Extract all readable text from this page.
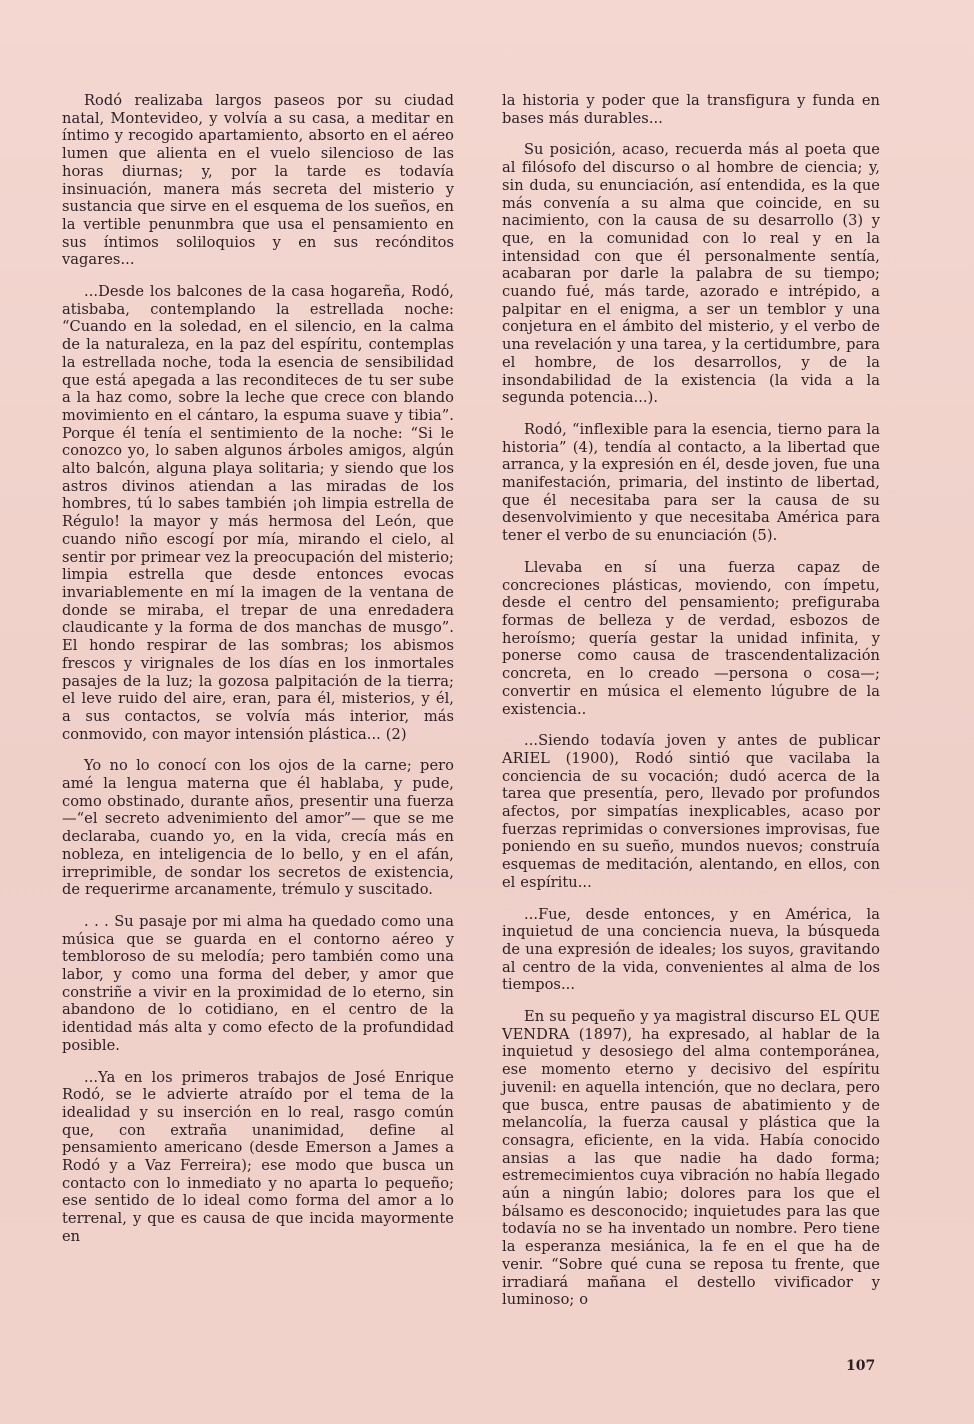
Rodó realizaba largos paseos por su ciudad natal, Montevideo, y volvía a su casa, a meditar en íntimo y recogido apartamiento, absorto en el aéreo lumen que alienta en el vuelo silencioso de las horas diurnas; y, por la tarde es todavía insinuación, manera más secreta del misterio y sustancia que sirve en el esquema de los sueños, en la vertible penunmbra que usa el pensamiento en sus íntimos soliloquios y en sus recónditos vagares...

...Desde los balcones de la casa hogareña, Rodó, atisbaba, contemplando la estrellada noche: “Cuando en la soledad, en el silencio, en la calma de la naturaleza, en la paz del espíritu, contemplas la estrellada noche, toda la esencia de sensibilidad que está apegada a las reconditeces de tu ser sube a la haz como, sobre la leche que crece con blando movimiento en el cántaro, la espuma suave y tibia”. Porque él tenía el sentimiento de la noche: “Si le conozco yo, lo saben algunos árboles amigos, algún alto balcón, alguna playa solitaria; y siendo que los astros divinos atiendan a las miradas de los hombres, tú lo sabes también ¡oh limpia estrella de Régulo! la mayor y más hermosa del León, que cuando niño escogí por mía, mirando el cielo, al sentir por primear vez la preocupación del misterio; limpia estrella que desde entonces evocas invariablemente en mí la imagen de la ventana de donde se miraba, el trepar de una enredadera claudicante y la forma de dos manchas de musgo”. El hondo respirar de las sombras; los abismos frescos y virignales de los días en los inmortales pasajes de la luz; la gozosa palpitación de la tierra; el leve ruido del aire, eran, para él, misterios, y él, a sus contactos, se volvía más interior, más conmovido, con mayor intensión plástica... (2)

Yo no lo conocí con los ojos de la carne; pero amé la lengua materna que él hablaba, y pude, como obstinado, durante años, presentir una fuerza —“el secreto advenimiento del amor”— que se me declaraba, cuando yo, en la vida, crecía más en nobleza, en inteligencia de lo bello, y en el afán, irreprimible, de sondar los secretos de existencia, de requerirme arcanamente, trémulo y suscitado.

. . . Su pasaje por mi alma ha quedado como una música que se guarda en el contorno aéreo y tembloroso de su melodía; pero también como una labor, y como una forma del deber, y amor que constriñe a vivir en la proximidad de lo eterno, sin abandono de lo cotidiano, en el centro de la identidad más alta y como efecto de la profundidad posible.

...Ya en los primeros trabajos de José Enrique Rodó, se le advierte atraído por el tema de la idealidad y su inserción en lo real, rasgo común que, con extraña unanimidad, define al pensamiento americano (desde Emerson a James a Rodó y a Vaz Ferreira); ese modo que busca un contacto con lo inmediato y no aparta lo pequeño; ese sentido de lo ideal como forma del amor a lo terrenal, y que es causa de que incida mayormente en

la historia y poder que la transfigura y funda en bases más durables...

Su posición, acaso, recuerda más al poeta que al filósofo del discurso o al hombre de ciencia; y, sin duda, su enunciación, así entendida, es la que más convenía a su alma que coincide, en su nacimiento, con la causa de su desarrollo (3) y que, en la comunidad con lo real y en la intensidad con que él personalmente sentía, acabaran por darle la palabra de su tiempo; cuando fué, más tarde, azorado e intrépido, a palpitar en el enigma, a ser un temblor y una conjetura en el ámbito del misterio, y el verbo de una revelación y una tarea, y la certidumbre, para el hombre, de los desarrollos, y de la insondabilidad de la existencia (la vida a la segunda potencia...).

Rodó, “inflexible para la esencia, tierno para la historia” (4), tendía al contacto, a la libertad que arranca, y la expresión en él, desde joven, fue una manifestación, primaria, del instinto de libertad, que él necesitaba para ser la causa de su desenvolvimiento y que necesitaba América para tener el verbo de su enunciación (5).

Llevaba en sí una fuerza capaz de concreciones plásticas, moviendo, con ímpetu, desde el centro del pensamiento; prefiguraba formas de belleza y de verdad, esbozos de heroísmo; quería gestar la unidad infinita, y ponerse como causa de trascendentalización concreta, en lo creado —persona o cosa—; convertir en música el elemento lúgubre de la existencia..

...Siendo todavía joven y antes de publicar ARIEL (1900), Rodó sintió que vacilaba la conciencia de su vocación; dudó acerca de la tarea que presentía, pero, llevado por profundos afectos, por simpatías inexplicables, acaso por fuerzas reprimidas o conversiones improvisas, fue poniendo en su sueño, mundos nuevos; construía esquemas de meditación, alentando, en ellos, con el espíritu...

...Fue, desde entonces, y en América, la inquietud de una conciencia nueva, la búsqueda de una expresión de ideales; los suyos, gravitando al centro de la vida, convenientes al alma de los tiempos...

En su pequeño y ya magistral discurso EL QUE VENDRA (1897), ha expresado, al hablar de la inquietud y desosiego del alma contemporánea, ese momento eterno y decisivo del espíritu juvenil: en aquella intención, que no declara, pero que busca, entre pausas de abatimiento y de melancolía, la fuerza causal y plástica que la consagra, eficiente, en la vida. Había conocido ansias a las que nadie ha dado forma; estremecimientos cuya vibración no había llegado aún a ningún labio; dolores para los que el bálsamo es desconocido; inquietudes para las que todavía no se ha inventado un nombre. Pero tiene la esperanza mesiánica, la fe en el que ha de venir. “Sobre qué cuna se reposa tu frente, que irradiará mañana el destello vivificador y luminoso; o

107
